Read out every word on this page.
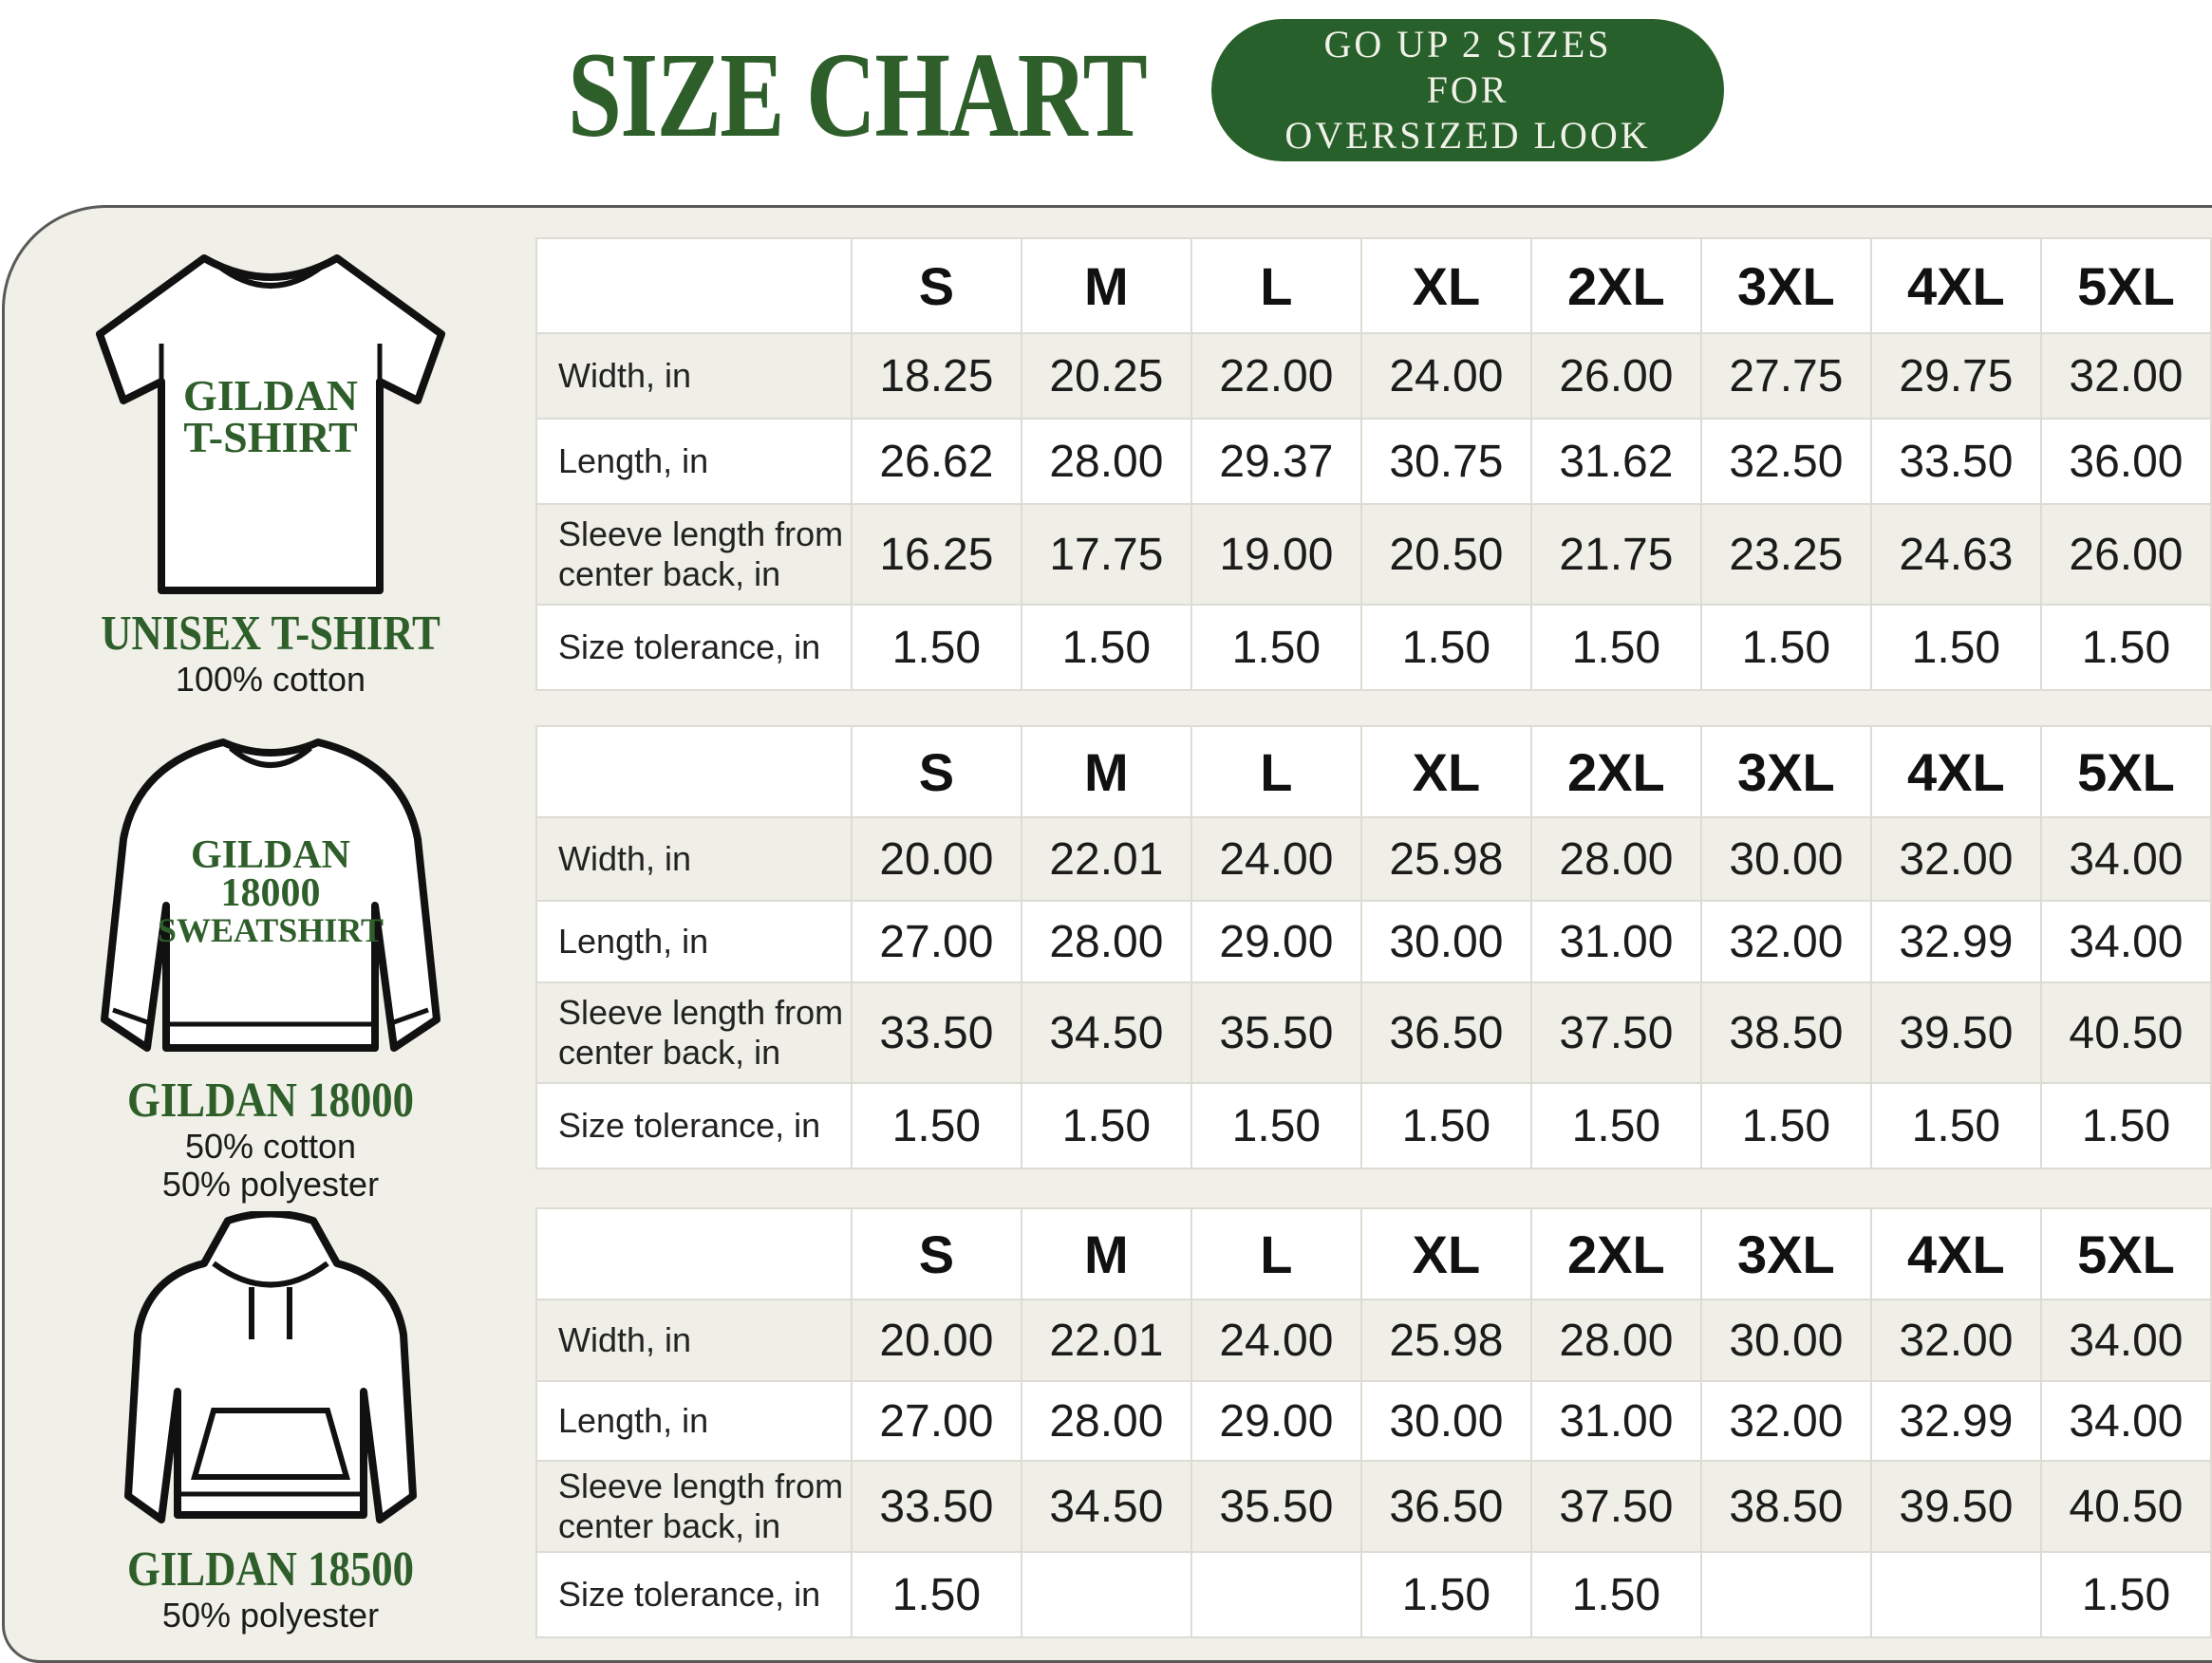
SIZE CHART	GO UP 2 SIZES FOR
OVERSIZED LOOK
GILDAN
T-SHIRT
UNISEX T-SHIRT
100% cotton
GILDAN
18000
SWEATSHIRT
GILDAN 18000
50% cotton
50% polyester
GILDAN 18500
50% polyester
	S	M	L	XL	2XL	3XL	4XL	5XL
Width, in	18.25	20.25	22.00	24.00	26.00	27.75	29.75	32.00
Length, in	26.62	28.00	29.37	30.75	31.62	32.50	33.50	36.00
Sleeve length from center back, in	16.25	17.75	19.00	20.50	21.75	23.25	24.63	26.00
Size tolerance, in	1.50	1.50	1.50	1.50	1.50	1.50	1.50	1.50
	S	M	L	XL	2XL	3XL	4XL	5XL
Width, in	20.00	22.01	24.00	25.98	28.00	30.00	32.00	34.00
Length, in	27.00	28.00	29.00	30.00	31.00	32.00	32.99	34.00
Sleeve length from center back, in	33.50	34.50	35.50	36.50	37.50	38.50	39.50	40.50
Size tolerance, in	1.50	1.50	1.50	1.50	1.50	1.50	1.50	1.50
	S	M	L	XL	2XL	3XL	4XL	5XL
Width, in	20.00	22.01	24.00	25.98	28.00	30.00	32.00	34.00
Length, in	27.00	28.00	29.00	30.00	31.00	32.00	32.99	34.00
Sleeve length from center back, in	33.50	34.50	35.50	36.50	37.50	38.50	39.50	40.50
Size tolerance, in	1.50			1.50	1.50			1.50
